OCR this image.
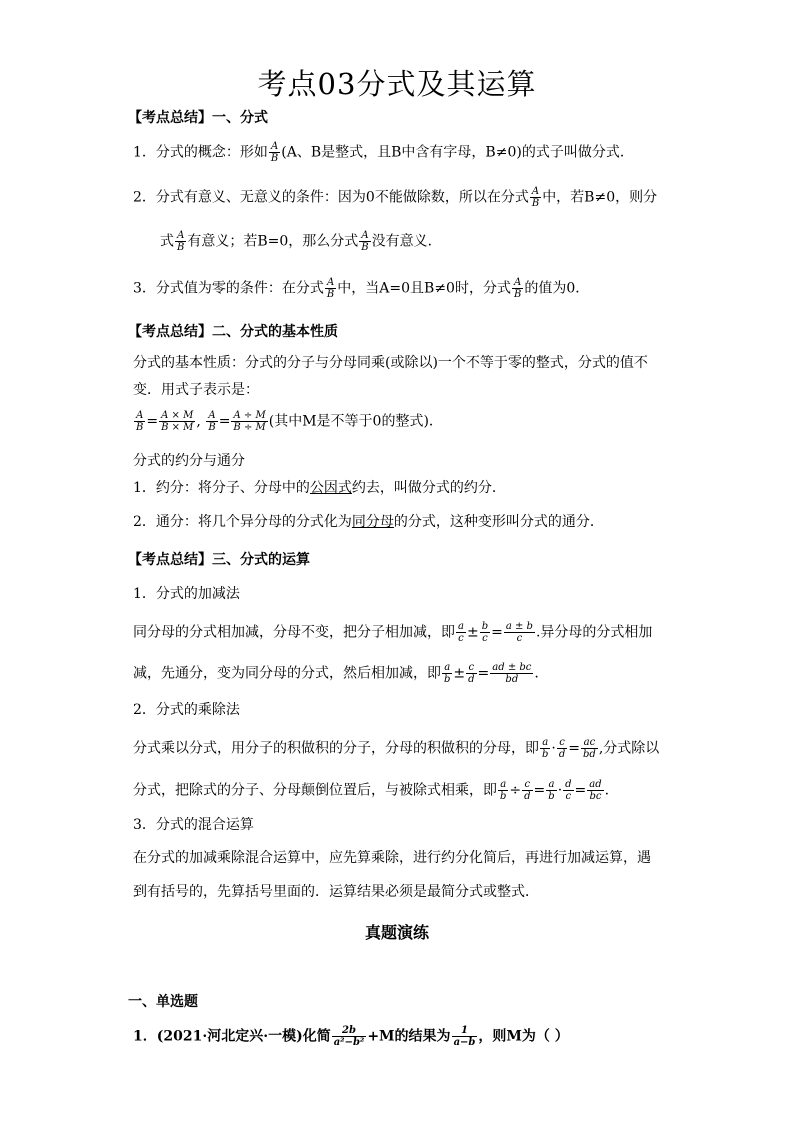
考点03分式及其运算
【考点总结】一、分式
1．分式的概念：形如 $\frac{A}{B} (A$、B是整式，且B中含有字母，B≠0)的式子叫做分式．
2．分式有意义、无意义的条件：因为0不能做除数，所以在分式 $\frac{A}{B}$ 中，若B≠0，则分
式 $\frac{A}{B}$ 有意义；若B=0，那么分式 $\frac{A}{B}$ 没有意义．
3．分式值为零的条件：在分式 $\frac{A}{B}$ 中，当A=0且B≠0时，分式 $\frac{A}{B}$ 的值为0．
【考点总结】二、分式的基本性质
分式的基本性质：分式的分子与分母同乘(或除以)一个不等于零的整式，分式的值不
变．用式子表示是：
$\frac{A}{B} = \frac{A \times M}{B \times M}$ , $\frac{A}{B} = \frac{A \div M}{B \div M}$ (其中M是不等于0的整式)．
分式的约分与通分
1．约分：将分子、分母中的公因式约去，叫做分式的约分．
2．通分：将几个异分母的分式化为同分母的分式，这种变形叫分式的通分．
【考点总结】三、分式的运算
1．分式的加减法
同分母的分式相加减，分母不变，把分子相加减，即 $\frac{a}{c} \pm \frac{b}{c} = \frac{a \pm b}{c}$ .异分母的分式相加
减，先通分，变为同分母的分式，然后相加减，即 $\frac{a}{b} \pm \frac{c}{d} = \frac{ad \pm bc}{bd}$ .
2．分式的乘除法
分式乘以分式，用分子的积做积的分子，分母的积做积的分母，即 $\frac{a}{b} \cdot \frac{c}{d} = \frac{ac}{bd}$ ,分式除以
分式，把除式的分子、分母颠倒位置后，与被除式相乘，即 $\frac{a}{b} \div \frac{c}{d} = \frac{a}{b} \cdot \frac{d}{c} = \frac{ad}{bc}$ .
3．分式的混合运算
在分式的加减乘除混合运算中，应先算乘除，进行约分化简后，再进行加减运算，遇
到有括号的，先算括号里面的．运算结果必须是最简分式或整式．
真题演练
一、单选题
1．(2021·河北定兴·一模)化简 $\frac{2b}{\text{a²−b²}} +M$的结果为 $\frac{1}{a-b}$ ，则M为（ ）
